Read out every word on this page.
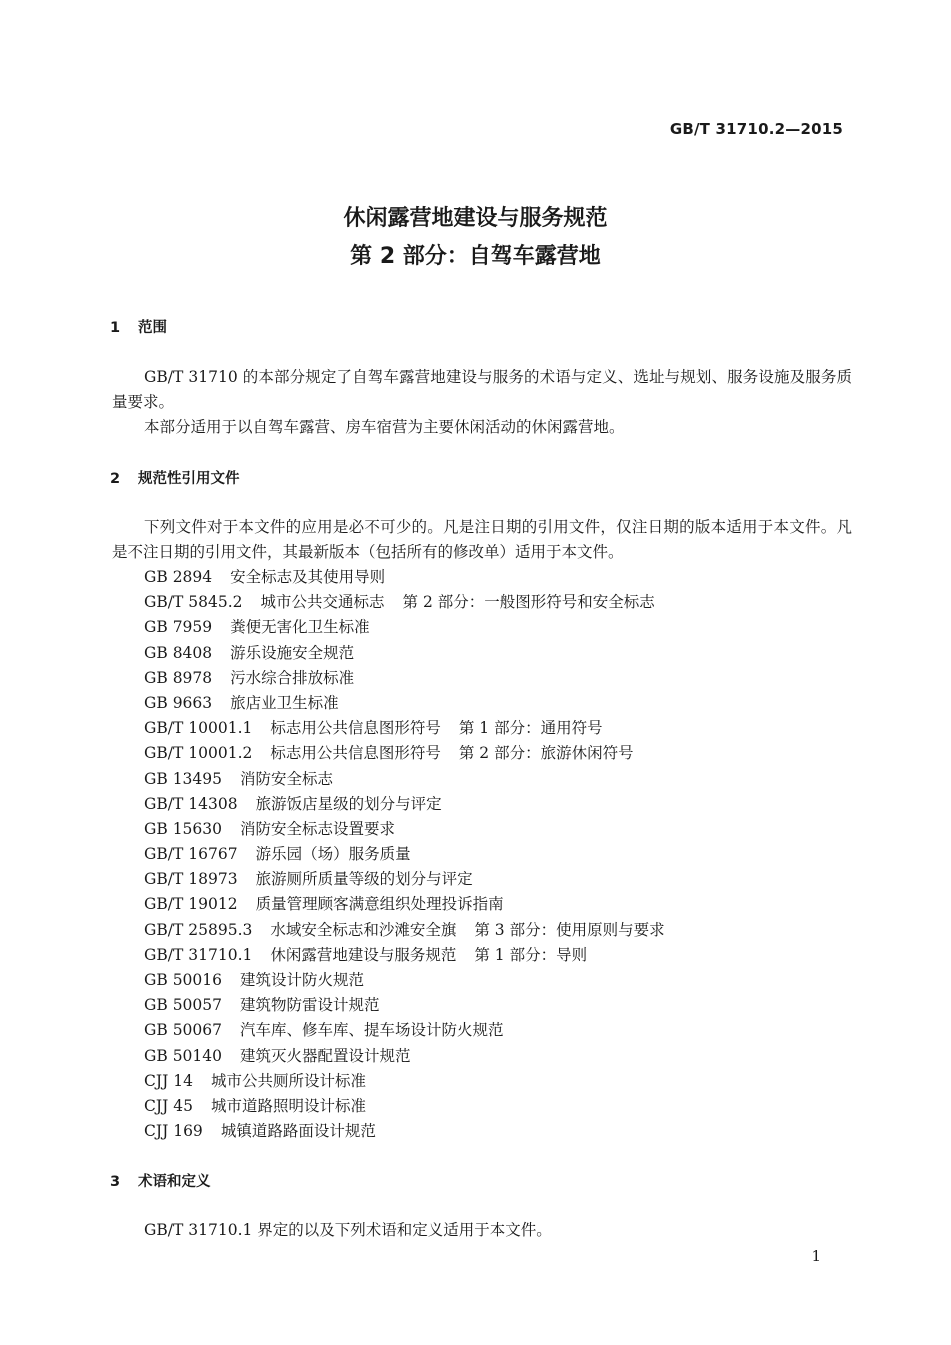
GB/T 31710.2—2015
休闲露营地建设与服务规范
第 2 部分：自驾车露营地
1 范围

GB/T 31710 的本部分规定了自驾车露营地建设与服务的术语与定义、选址与规划、服务设施及服务质量要求。

本部分适用于以自驾车露营、房车宿营为主要休闲活动的休闲露营地。

2 规范性引用文件

下列文件对于本文件的应用是必不可少的。凡是注日期的引用文件，仅注日期的版本适用于本文件。凡是不注日期的引用文件，其最新版本（包括所有的修改单）适用于本文件。

GB 2894 安全标志及其使用导则
GB/T 5845.2 城市公共交通标志 第 2 部分：一般图形符号和安全标志
GB 7959 粪便无害化卫生标准
GB 8408 游乐设施安全规范
GB 8978 污水综合排放标准
GB 9663 旅店业卫生标准
GB/T 10001.1 标志用公共信息图形符号 第 1 部分：通用符号
GB/T 10001.2 标志用公共信息图形符号 第 2 部分：旅游休闲符号
GB 13495 消防安全标志
GB/T 14308 旅游饭店星级的划分与评定
GB 15630 消防安全标志设置要求
GB/T 16767 游乐园（场）服务质量
GB/T 18973 旅游厕所质量等级的划分与评定
GB/T 19012 质量管理顾客满意组织处理投诉指南
GB/T 25895.3 水域安全标志和沙滩安全旗 第 3 部分：使用原则与要求
GB/T 31710.1 休闲露营地建设与服务规范 第 1 部分：导则
GB 50016 建筑设计防火规范
GB 50057 建筑物防雷设计规范
GB 50067 汽车库、修车库、提车场设计防火规范
GB 50140 建筑灭火器配置设计规范
CJJ 14 城市公共厕所设计标准
CJJ 45 城市道路照明设计标准
CJJ 169 城镇道路路面设计规范
3 术语和定义

GB/T 31710.1 界定的以及下列术语和定义适用于本文件。

1
